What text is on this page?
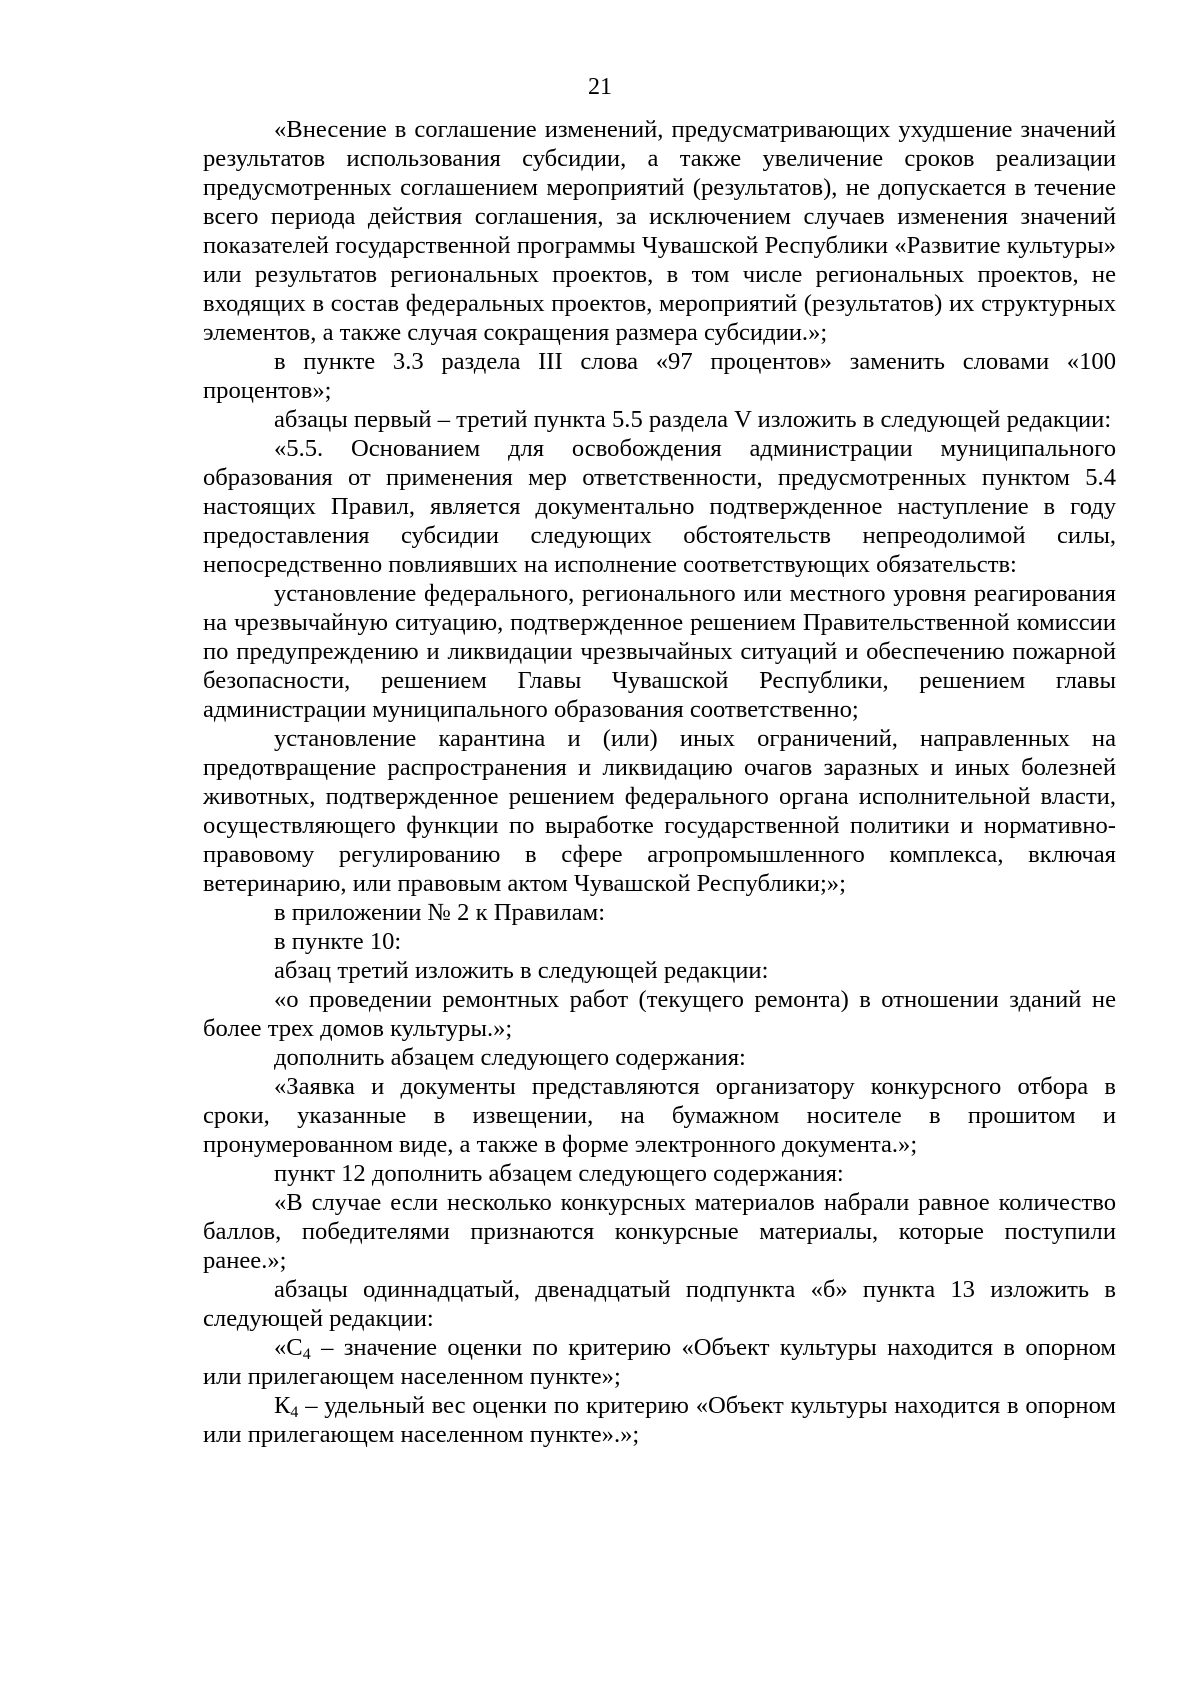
21

«Внесение в соглашение изменений, предусматривающих ухудшение значений результатов использования субсидии, а также увеличение сроков реализации предусмотренных соглашением мероприятий (результатов), не допускается в течение всего периода действия соглашения, за исключением случаев изменения значений показателей государственной программы Чувашской Республики «Развитие культуры» или результатов региональных проектов, в том числе региональных проектов, не входящих в состав федеральных проектов, мероприятий (результатов) их структурных элементов, а также случая сокращения размера субсидии.»;

в пункте 3.3 раздела III слова «97 процентов» заменить словами «100 процентов»;

абзацы первый – третий пункта 5.5 раздела V изложить в следующей редакции:

«5.5. Основанием для освобождения администрации муниципального образования от применения мер ответственности, предусмотренных пунктом 5.4 настоящих Правил, является документально подтвержденное наступление в году предоставления субсидии следующих обстоятельств непреодолимой силы, непосредственно повлиявших на исполнение соответствующих обязательств:

установление федерального, регионального или местного уровня реагирования на чрезвычайную ситуацию, подтвержденное решением Правительственной комиссии по предупреждению и ликвидации чрезвычайных ситуаций и обеспечению пожарной безопасности, решением Главы Чувашской Республики, решением главы администрации муниципального образования соответственно;

установление карантина и (или) иных ограничений, направленных на предотвращение распространения и ликвидацию очагов заразных и иных болезней животных, подтвержденное решением федерального органа исполнительной власти, осуществляющего функции по выработке государственной политики и нормативно-правовому регулированию в сфере агропромышленного комплекса, включая ветеринарию, или правовым актом Чувашской Республики;»;

в приложении № 2 к Правилам:

в пункте 10:

абзац третий изложить в следующей редакции:

«о проведении ремонтных работ (текущего ремонта) в отношении зданий не более трех домов культуры.»;

дополнить абзацем следующего содержания:

«Заявка и документы представляются организатору конкурсного отбора в сроки, указанные в извещении, на бумажном носителе в прошитом и пронумерованном виде, а также в форме электронного документа.»;

пункт 12 дополнить абзацем следующего содержания:

«В случае если несколько конкурсных материалов набрали равное количество баллов, победителями признаются конкурсные материалы, которые поступили ранее.»;

абзацы одиннадцатый, двенадцатый подпункта «б» пункта 13 изложить в следующей редакции:

«$С_4$ – значение оценки по критерию «Объект культуры находится в опорном или прилегающем населенном пункте»;

$К_4$ – удельный вес оценки по критерию «Объект культуры находится в опорном или прилегающем населенном пункте».»;
